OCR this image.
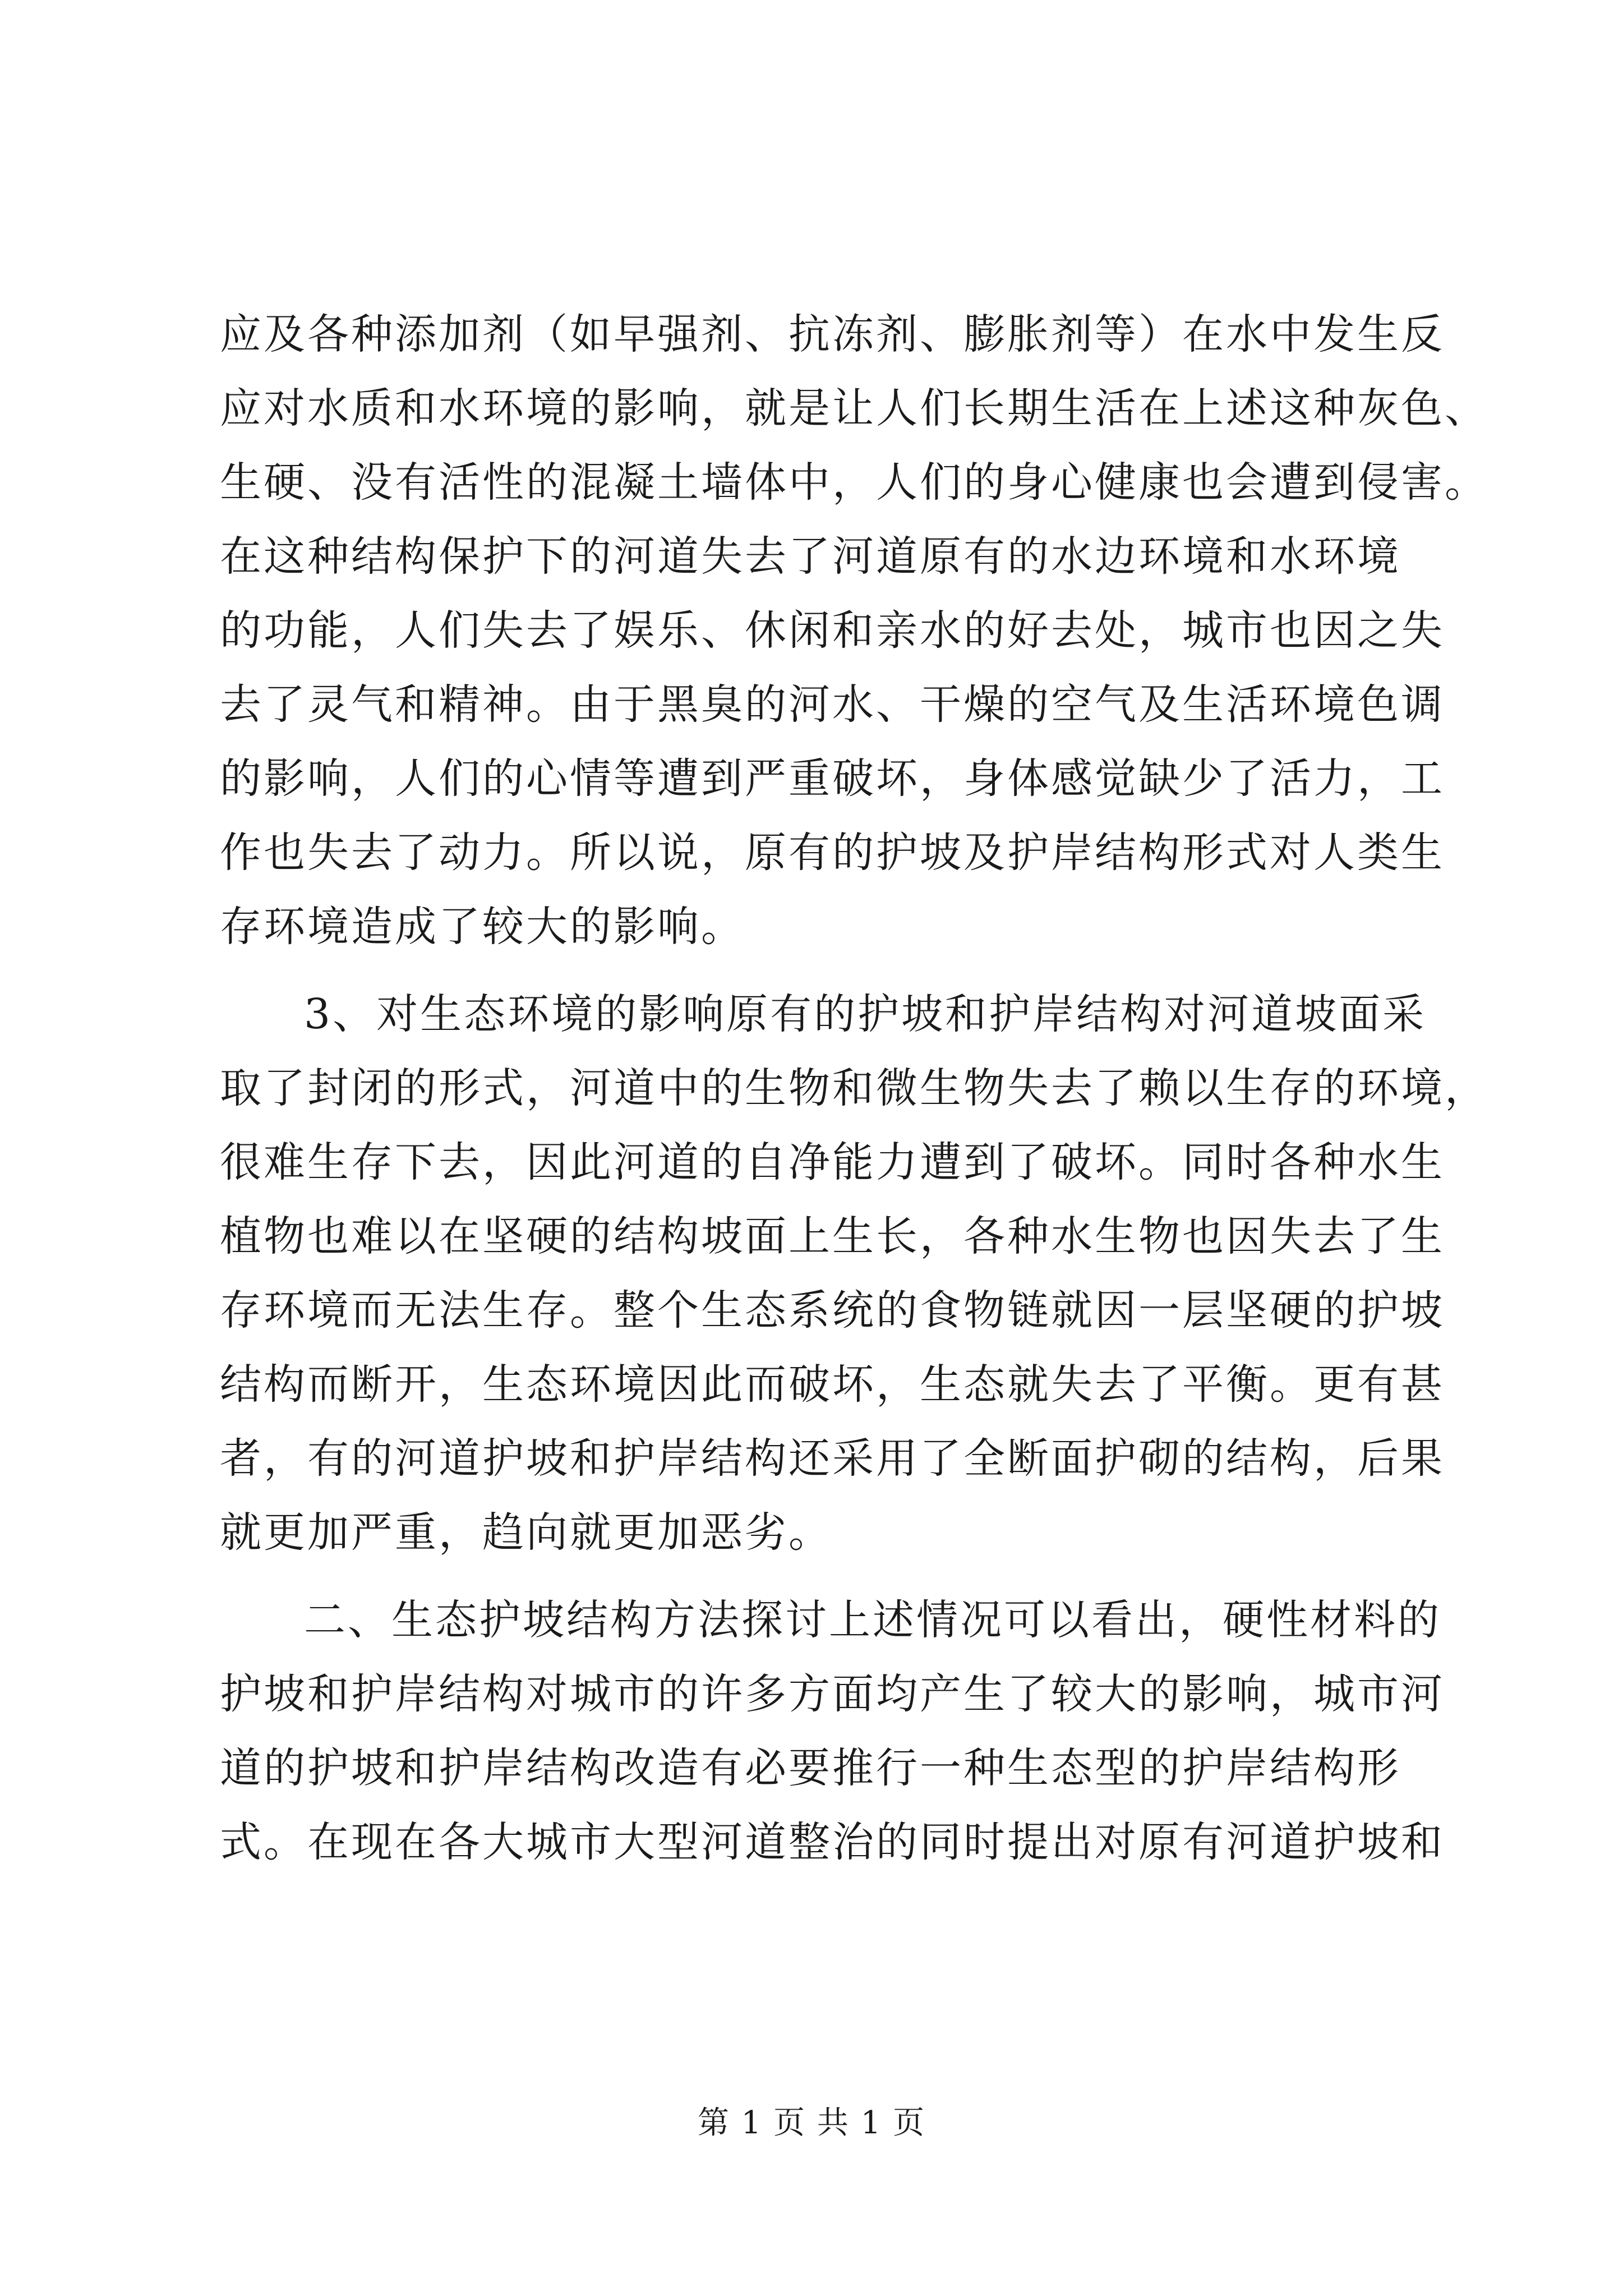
应及各种添加剂（如早强剂、抗冻剂、膨胀剂等）在水中发生反
应对水质和水环境的影响，就是让人们长期生活在上述这种灰色、
生硬、没有活性的混凝土墙体中，人们的身心健康也会遭到侵害。
在这种结构保护下的河道失去了河道原有的水边环境和水环境
的功能，人们失去了娱乐、休闲和亲水的好去处，城市也因之失
去了灵气和精神。由于黑臭的河水、干燥的空气及生活环境色调
的影响，人们的心情等遭到严重破坏，身体感觉缺少了活力，工
作也失去了动力。所以说，原有的护坡及护岸结构形式对人类生
存环境造成了较大的影响。
3、对生态环境的影响原有的护坡和护岸结构对河道坡面采
取了封闭的形式，河道中的生物和微生物失去了赖以生存的环境，
很难生存下去，因此河道的自净能力遭到了破坏。同时各种水生
植物也难以在坚硬的结构坡面上生长，各种水生物也因失去了生
存环境而无法生存。整个生态系统的食物链就因一层坚硬的护坡
结构而断开，生态环境因此而破坏，生态就失去了平衡。更有甚
者，有的河道护坡和护岸结构还采用了全断面护砌的结构，后果
就更加严重，趋向就更加恶劣。
二、生态护坡结构方法探讨上述情况可以看出，硬性材料的
护坡和护岸结构对城市的许多方面均产生了较大的影响，城市河
道的护坡和护岸结构改造有必要推行一种生态型的护岸结构形
式。在现在各大城市大型河道整治的同时提出对原有河道护坡和
第 1 页 共 1 页
